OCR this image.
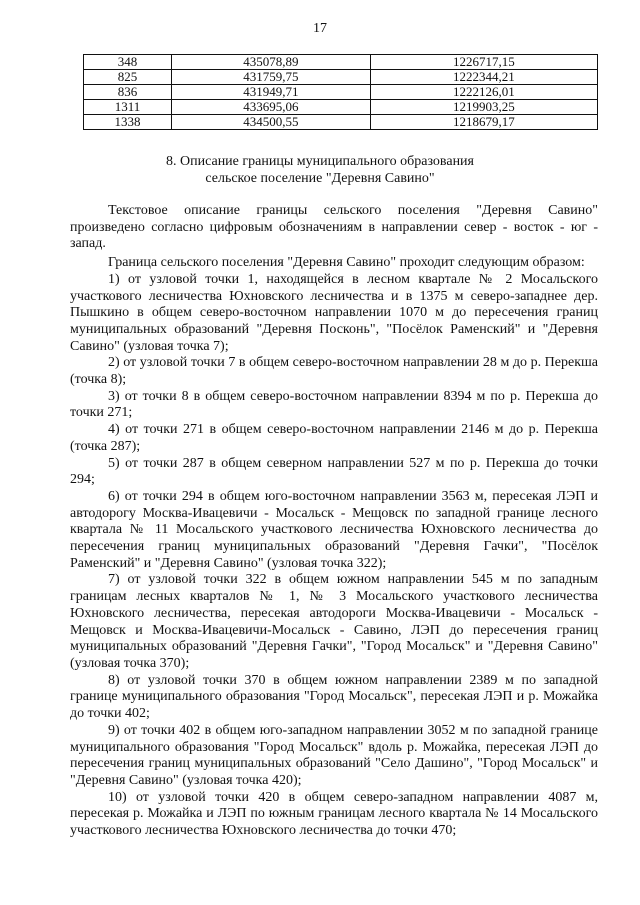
17
348	435078,89	1226717,15
825	431759,75	1222344,21
836	431949,71	1222126,01
1311	433695,06	1219903,25
1338	434500,55	1218679,17
8. Описание границы муниципального образования
сельское поселение "Деревня Савино"

Текстовое описание границы сельского поселения "Деревня Савино" произведено согласно цифровым обозначениям в направлении север - восток - юг - запад.

Граница сельского поселения "Деревня Савино" проходит следующим образом:

1) от узловой точки 1, находящейся в лесном квартале № 2 Мосальского участкового лесничества Юхновского лесничества и в 1375 м северо-западнее дер. Пышкино в общем северо-восточном направлении 1070 м до пересечения границ муниципальных образований "Деревня Посконь", "Посёлок Раменский" и "Деревня Савино" (узловая точка 7);

2) от узловой точки 7 в общем северо-восточном направлении 28 м до р. Перекша (точка 8);

3) от точки 8 в общем северо-восточном направлении 8394 м по р. Перекша до точки 271;

4) от точки 271 в общем северо-восточном направлении 2146 м до р. Перекша (точка 287);

5) от точки 287 в общем северном направлении 527 м по р. Перекша до точки 294;

6) от точки 294 в общем юго-восточном направлении 3563 м, пересекая ЛЭП и автодорогу Москва-Ивацевичи - Мосальск - Мещовск по западной границе лесного квартала № 11 Мосальского участкового лесничества Юхновского лесничества до пересечения границ муниципальных образований "Деревня Гачки", "Посёлок Раменский" и "Деревня Савино" (узловая точка 322);

7) от узловой точки 322 в общем южном направлении 545 м по западным границам лесных кварталов № 1, № 3 Мосальского участкового лесничества Юхновского лесничества, пересекая автодороги Москва-Ивацевичи - Мосальск - Мещовск и Москва-Ивацевичи-Мосальск - Савино, ЛЭП до пересечения границ муниципальных образований "Деревня Гачки", "Город Мосальск" и "Деревня Савино" (узловая точка 370);

8) от узловой точки 370 в общем южном направлении 2389 м по западной границе муниципального образования "Город Мосальск", пересекая ЛЭП и р. Можайка до точки 402;

9) от точки 402 в общем юго-западном направлении 3052 м по западной границе муниципального образования "Город Мосальск" вдоль р. Можайка, пересекая ЛЭП до пересечения границ муниципальных образований "Село Дашино", "Город Мосальск" и "Деревня Савино" (узловая точка 420);

10) от узловой точки 420 в общем северо-западном направлении 4087 м, пересекая р. Можайка и ЛЭП по южным границам лесного квартала № 14 Мосальского участкового лесничества Юхновского лесничества до точки 470;
